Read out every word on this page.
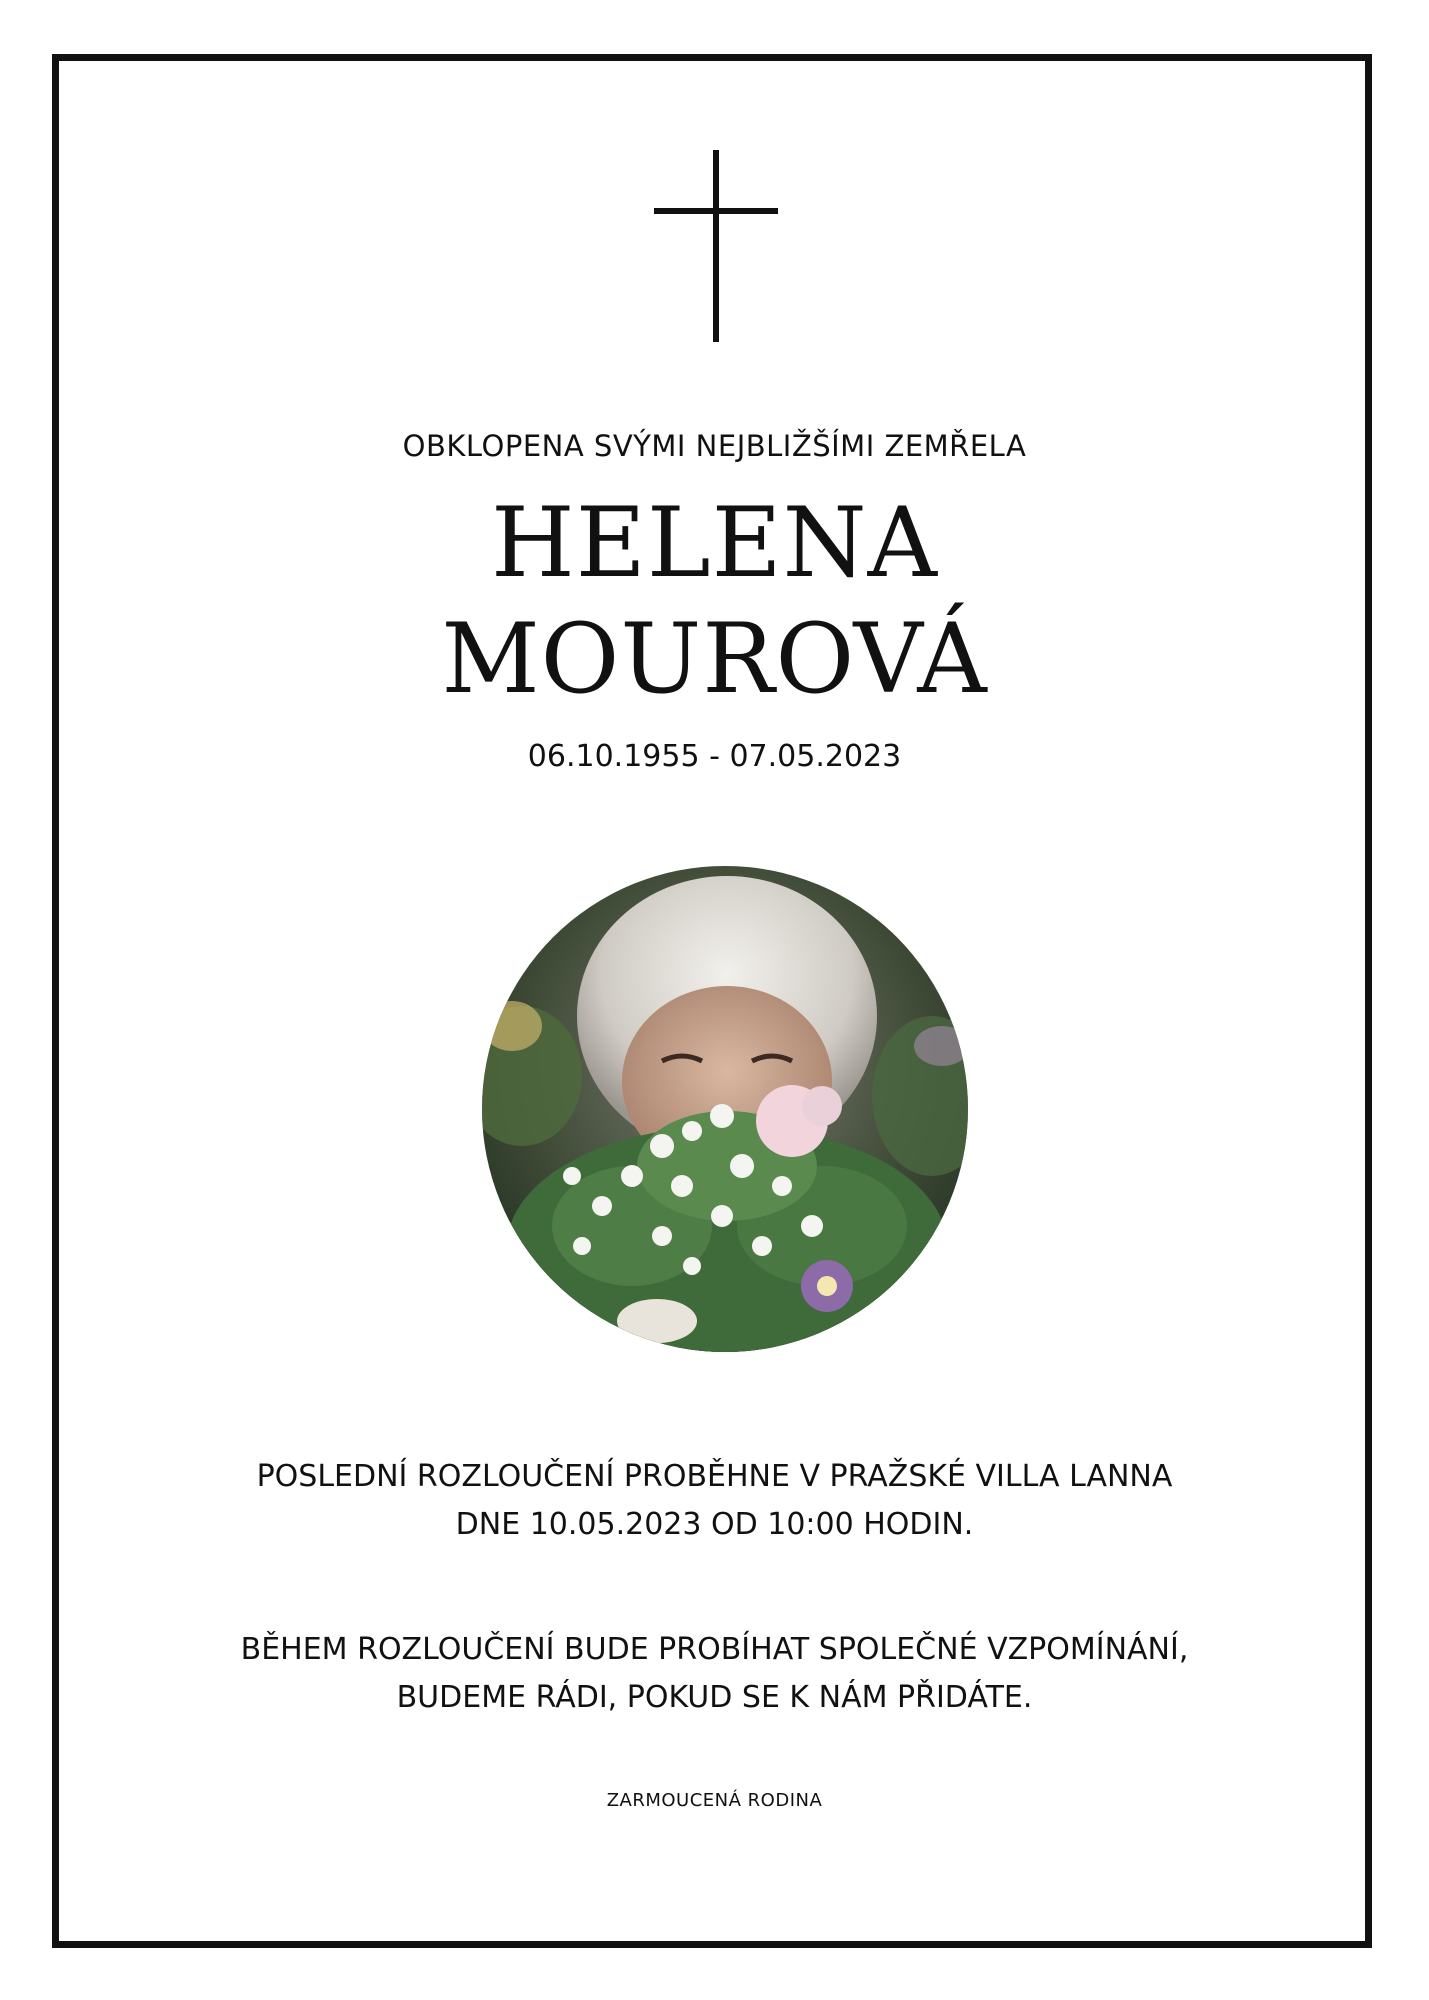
OBKLOPENA SVÝMI NEJBLIŽŠÍMI ZEMŘELA
HELENA
MOUROVÁ
06.10.1955 - 07.05.2023
POSLEDNÍ ROZLOUČENÍ PROBĚHNE V PRAŽSKÉ VILLA LANNA
DNE 10.05.2023 OD 10:00 HODIN.
BĚHEM ROZLOUČENÍ BUDE PROBÍHAT SPOLEČNÉ VZPOMÍNÁNÍ,
BUDEME RÁDI, POKUD SE K NÁM PŘIDÁTE.
ZARMOUCENÁ RODINA
